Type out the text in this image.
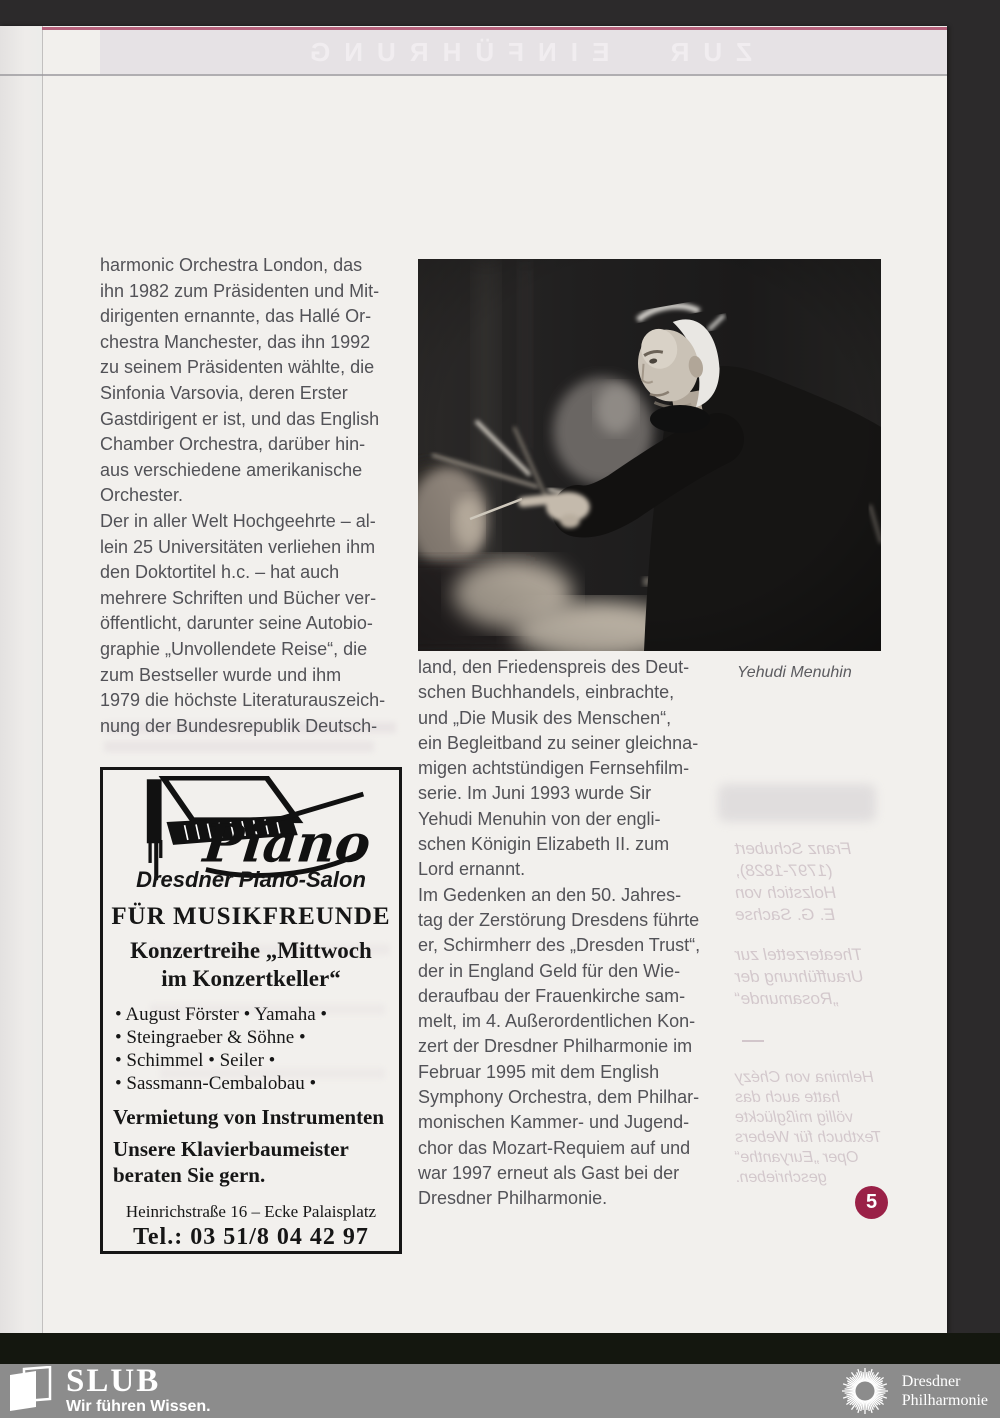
ZUR EINFÜHRUNG
harmonic Orchestra London, das
ihn 1982 zum Präsidenten und Mit-
dirigenten ernannte, das Hallé Or-
chestra Manchester, das ihn 1992
zu seinem Präsidenten wählte, die
Sinfonia Varsovia, deren Erster
Gastdirigent er ist, und das English
Chamber Orchestra, darüber hin-
aus verschiedene amerikanische
Orchester.
Der in aller Welt Hochgeehrte – al-
lein 25 Universitäten verliehen ihm
den Doktortitel h.c. – hat auch
mehrere Schriften und Bücher ver-
öffentlicht, darunter seine Autobio-
graphie „Unvollendete Reise“, die
zum Bestseller wurde und ihm
1979 die höchste Literaturauszeich-
nung der Bundesrepublik Deutsch-
Yehudi Menuhin
land, den Friedenspreis des Deut-
schen Buchhandels, einbrachte,
und „Die Musik des Menschen“,
ein Begleitband zu seiner gleichna-
migen achtstündigen Fernsehfilm-
serie. Im Juni 1993 wurde Sir
Yehudi Menuhin von der engli-
schen Königin Elizabeth II. zum
Lord ernannt.
Im Gedenken an den 50. Jahres-
tag der Zerstörung Dresdens führte
er, Schirmherr des „Dresden Trust“,
der in England Geld für den Wie-
deraufbau der Frauenkirche sam-
melt, im 4. Außerordentlichen Kon-
zert der Dresdner Philharmonie im
Februar 1995 mit dem English
Symphony Orchestra, dem Philhar-
monischen Kammer- und Jugend-
chor das Mozart-Requiem auf und
war 1997 erneut als Gast bei der
Dresdner Philharmonie.
Piano
Dresdner Piano-Salon
FÜR MUSIKFREUNDE
Konzertreihe „Mittwoch
im Konzertkeller“
• August Förster • Yamaha •
• Steingraeber & Söhne •
• Schimmel • Seiler •
• Sassmann-Cembalobau •
Vermietung von Instrumenten
Unsere Klavierbaumeister
beraten Sie gern.
Heinrichstraße 16 – Ecke Palaisplatz
Tel.: 03 51/8 04 42 97
Franz Schubert
(1797-1828),
Holzstich von
E. G. Sachse
Theaterzettel zur
Uraufführung der
„Rosamunde“
Helmina von Chézy
hatte auch das
völlig mißglückte
Textbuch für Webers
Oper „Euryanthe“
geschrieben.
5
SLUB
Wir führen Wissen.
Dresdner
Philharmonie
